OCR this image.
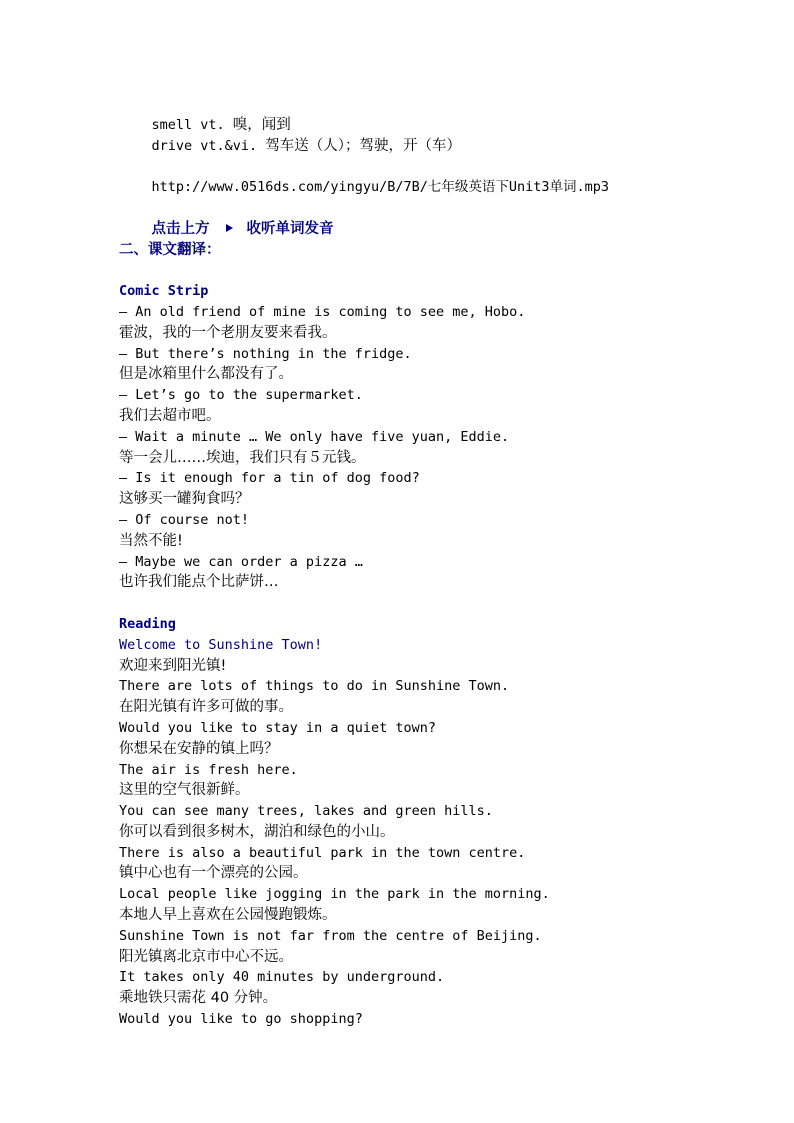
smell vt. 嗅，闻到

drive vt.&vi. 驾车送（人）；驾驶，开（车）

http://www.0516ds.com/yingyu/B/7B/七年级英语下Unit3单词.mp3

点击上方	收听单词发音

二、课文翻译：
Comic Strip
– An old friend of mine is coming to see me, Hobo.
霍波，我的一个老朋友要来看我。
– But there’s nothing in the fridge.
但是冰箱里什么都没有了。
– Let’s go to the supermarket.
我们去超市吧。
– Wait a minute … We only have five yuan, Eddie.
等一会儿……埃迪，我们只有５元钱。
– Is it enough for a tin of dog food?
这够买一罐狗食吗？
– Of course not!
当然不能!
– Maybe we can order a pizza …
也许我们能点个比萨饼…
Reading
Welcome to Sunshine Town!
欢迎来到阳光镇!
There are lots of things to do in Sunshine Town.
在阳光镇有许多可做的事。
Would you like to stay in a quiet town?
你想呆在安静的镇上吗？
The air is fresh here.
这里的空气很新鲜。
You can see many trees, lakes and green hills.
你可以看到很多树木，湖泊和绿色的小山。
There is also a beautiful park in the town centre.
镇中心也有一个漂亮的公园。
Local people like jogging in the park in the morning.
本地人早上喜欢在公园慢跑锻炼。
Sunshine Town is not far from the centre of Beijing.
阳光镇离北京市中心不远。
It takes only 40 minutes by underground.
乘地铁只需花 40 分钟。
Would you like to go shopping?
